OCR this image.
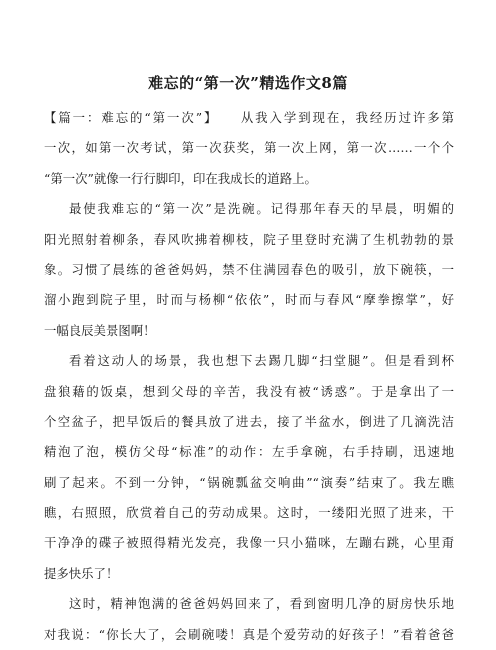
难忘的“第一次”精选作文8篇
【篇一：难忘的“第一次”】　　从我入学到现在，我经历过许多第
一次，如第一次考试，第一次获奖，第一次上网，第一次……一个个
“第一次”就像一行行脚印，印在我成长的道路上。
最使我难忘的“第一次”是洗碗。记得那年春天的早晨，明媚的
阳光照射着柳条，春风吹拂着柳枝，院子里登时充满了生机勃勃的景
象。习惯了晨练的爸爸妈妈，禁不住满园春色的吸引，放下碗筷，一
溜小跑到院子里，时而与杨柳“依依”，时而与春风“摩拳擦掌”，好
一幅良辰美景图啊！
看着这动人的场景，我也想下去踢几脚“扫堂腿”。但是看到杯
盘狼藉的饭桌，想到父母的辛苦，我没有被“诱惑”。于是拿出了一
个空盆子，把早饭后的餐具放了进去，接了半盆水，倒进了几滴洗洁
精泡了泡，模仿父母“标准”的动作：左手拿碗，右手持刷，迅速地
刷了起来。不到一分钟，“锅碗瓢盆交响曲”“演奏”结束了。我左瞧
瞧，右照照，欣赏着自己的劳动成果。这时，一缕阳光照了进来，干
干净净的碟子被照得精光发亮，我像一只小猫咪，左蹦右跳，心里甭
提多快乐了！
这时，精神饱满的爸爸妈妈回来了，看到窗明几净的厨房快乐地
对我说：“你长大了，会刷碗喽！真是个爱劳动的好孩子！”看着爸爸
